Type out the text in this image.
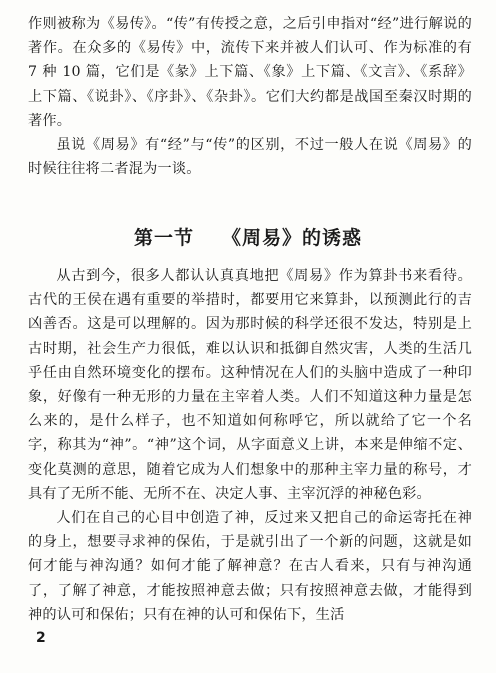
作则被称为《易传》。“传”有传授之意，之后引申指对“经”进行解说的著作。在众多的《易传》中，流传下来并被人们认可、作为标准的有 7 种 10 篇，它们是《彖》上下篇、《象》上下篇、《文言》、《系辞》上下篇、《说卦》、《序卦》、《杂卦》。它们大约都是战国至秦汉时期的著作。

虽说《周易》有“经”与“传”的区别，不过一般人在说《周易》的时候往往将二者混为一谈。

第一节 《周易》的诱惑

从古到今，很多人都认认真真地把《周易》作为算卦书来看待。古代的王侯在遇有重要的举措时，都要用它来算卦，以预测此行的吉凶善否。这是可以理解的。因为那时候的科学还很不发达，特别是上古时期，社会生产力很低，难以认识和抵御自然灾害，人类的生活几乎任由自然环境变化的摆布。这种情况在人们的头脑中造成了一种印象，好像有一种无形的力量在主宰着人类。人们不知道这种力量是怎么来的，是什么样子，也不知道如何称呼它，所以就给了它一个名字，称其为“神”。“神”这个词，从字面意义上讲，本来是伸缩不定、变化莫测的意思，随着它成为人们想象中的那种主宰力量的称号，才具有了无所不能、无所不在、决定人事、主宰沉浮的神秘色彩。

人们在自己的心目中创造了神，反过来又把自己的命运寄托在神的身上，想要寻求神的保佑，于是就引出了一个新的问题，这就是如何才能与神沟通？如何才能了解神意？在古人看来，只有与神沟通了，了解了神意，才能按照神意去做；只有按照神意去做，才能得到神的认可和保佑；只有在神的认可和保佑下，生活

2
